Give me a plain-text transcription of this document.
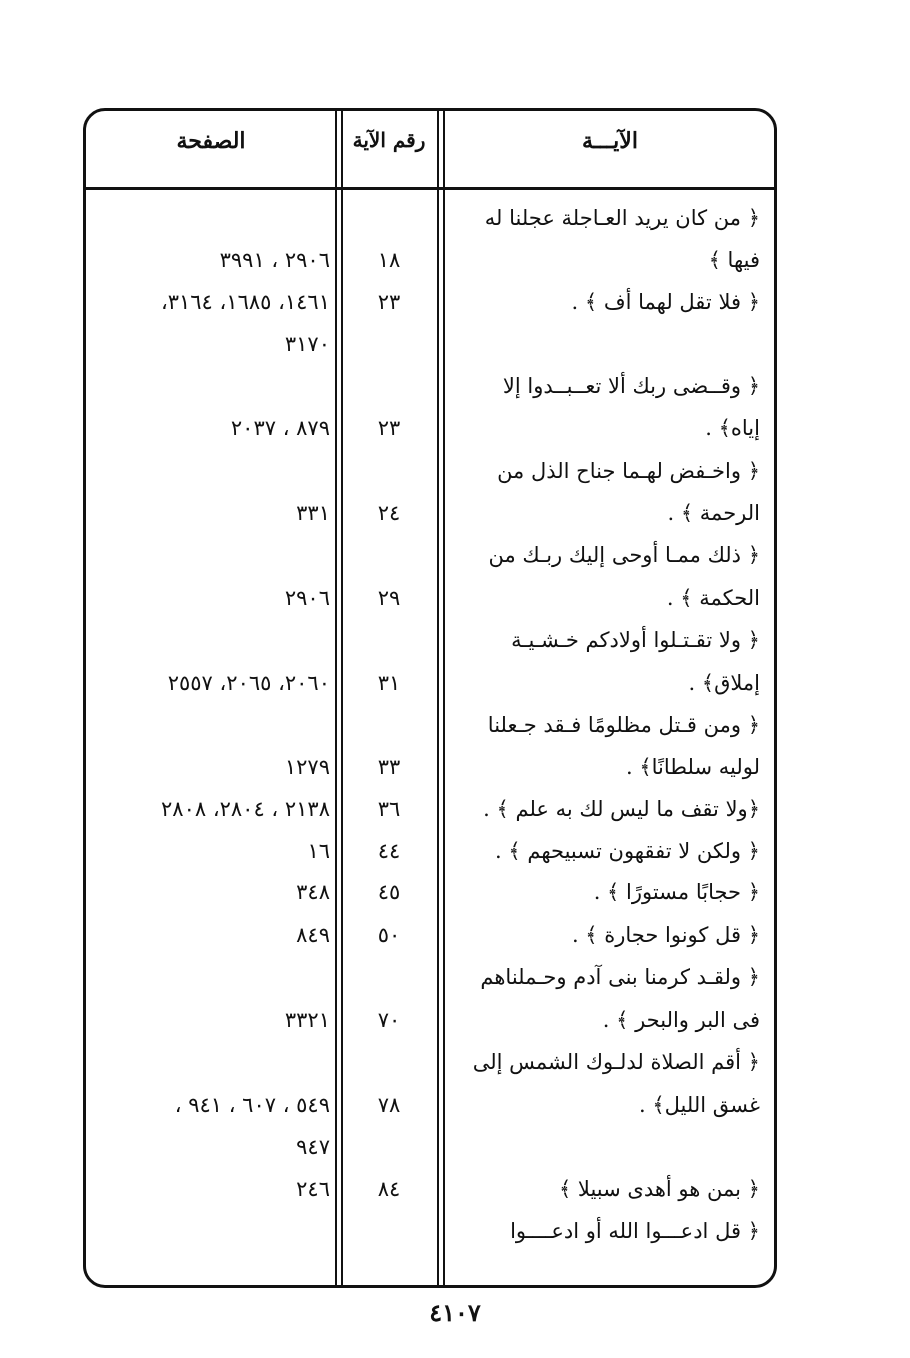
الآيـــة
رقم الآية
الصفحة
﴿ من كان يريد العـاجلة عجلنا له
فيها ﴾
﴿ فلا تقل لهما أف ﴾ .
﴿ وقــضى ربك ألا تعــبــدوا إلا
إياه﴾ .
﴿ واخـفض لهـما جناح الذل من
الرحمة ﴾ .
﴿ ذلك ممـا أوحى إليك ربـك من
الحكمة ﴾ .
﴿ ولا تقـتـلوا أولادكم خـشـيـة
إملاق﴾ .
﴿ ومن قـتل مظلومًا فـقد جـعلنا
لوليه سلطانًا﴾ .
﴿ولا تقف ما ليس لك به علم ﴾ .
﴿ ولكن لا تفقهون تسبيحهم ﴾ .
﴿ حجابًا مستورًا ﴾ .
﴿ قل كونوا حجارة ﴾ .
﴿ ولقـد كرمنا بنى آدم وحـملناهم
فى البر والبحر ﴾ .
﴿ أقم الصلاة لدلـوك الشمس إلى
غسق الليل﴾ .
﴿ بمن هو أهدى سبيلا ﴾
﴿ قل ادعـــوا الله أو ادعــــوا
١٨
٢٣
٢٣
٢٤
٢٩
٣١
٣٣
٣٦
٤٤
٤٥
٥٠
٧٠
٧٨
٨٤
٢٩٠٦ ، ٣٩٩١
١٤٦١، ١٦٨٥، ٣١٦٤،
٣١٧٠
٨٧٩ ، ٢٠٣٧
٣٣١
٢٩٠٦
٢٠٦٠، ٢٠٦٥، ٢٥٥٧
١٢٧٩
٢١٣٨ ، ٢٨٠٤، ٢٨٠٨
١٦
٣٤٨
٨٤٩
٣٣٢١
٥٤٩ ، ٦٠٧ ، ٩٤١ ،
٩٤٧
٢٤٦
٤١٠٧
